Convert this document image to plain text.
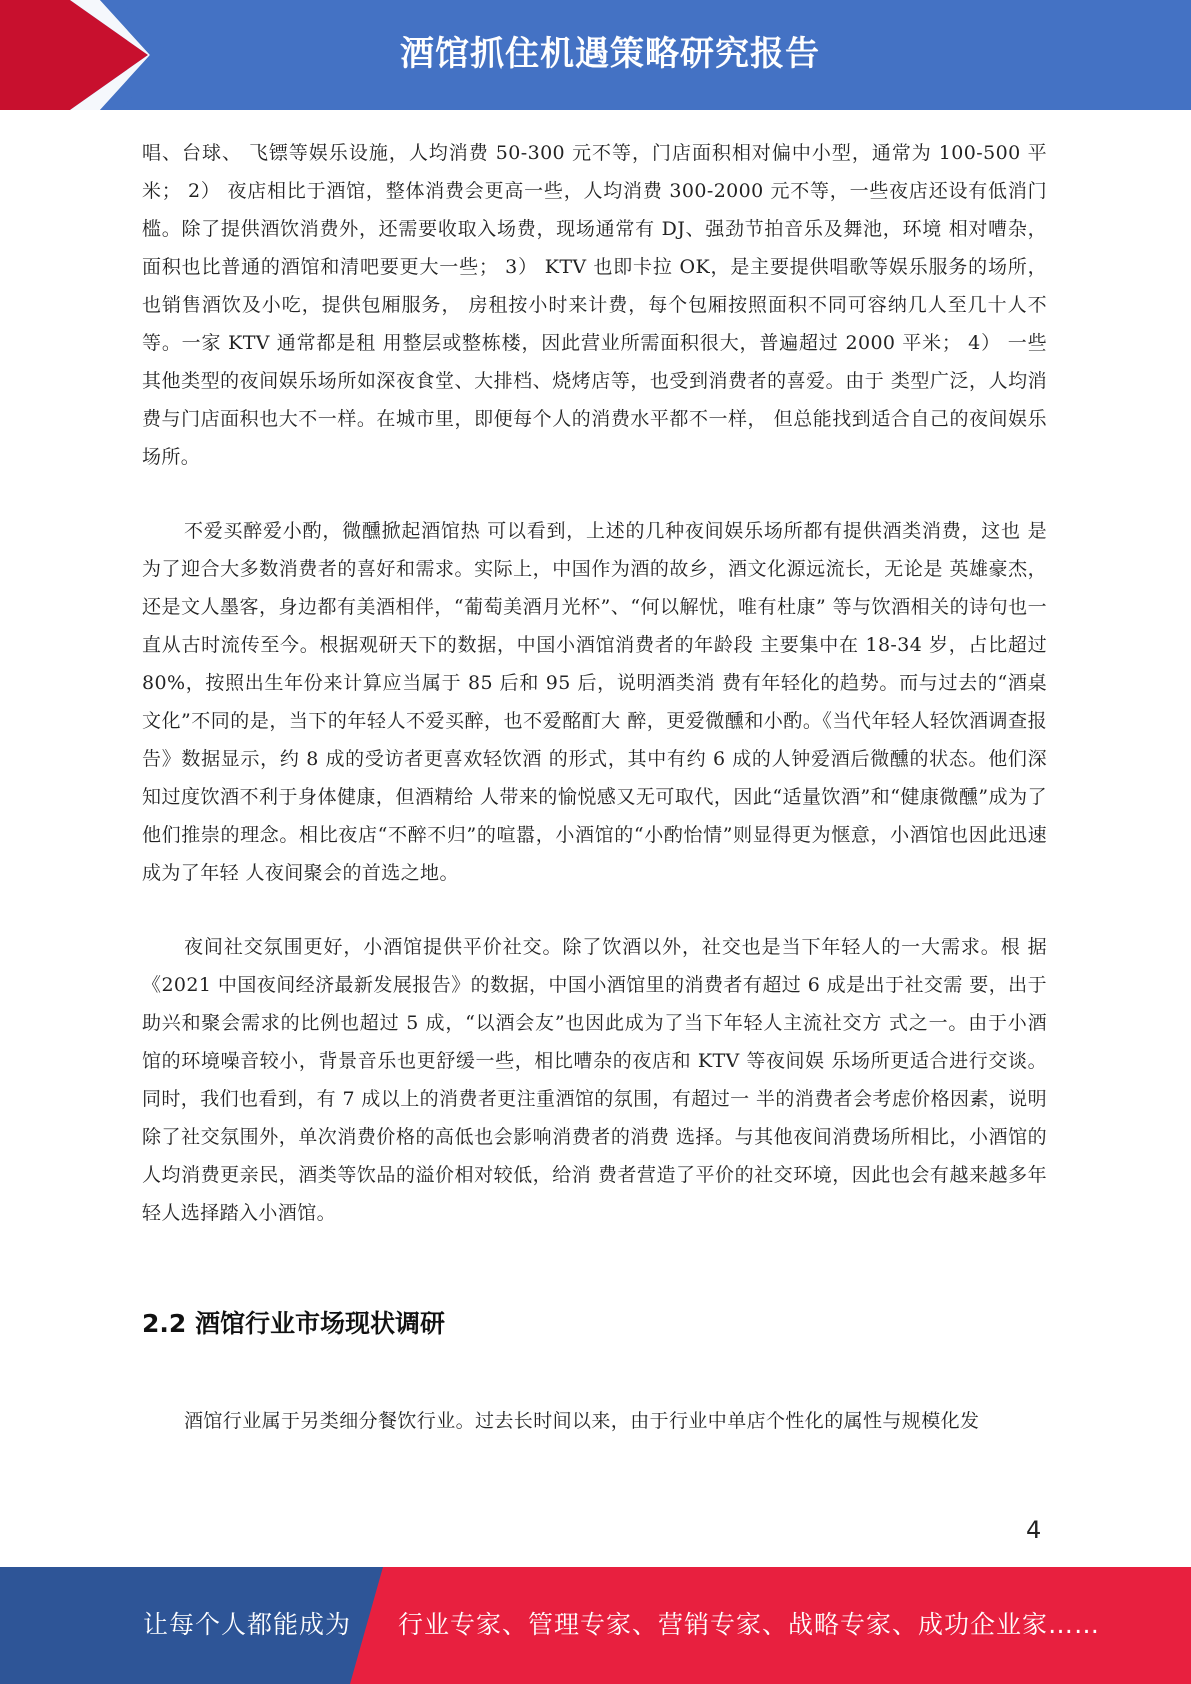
酒馆抓住机遇策略研究报告

唱、台球、 飞镖等娱乐设施，人均消费 50-300 元不等，门店面积相对偏中小型，通常为 100-500 平米； 2） 夜店相比于酒馆，整体消费会更高一些，人均消费 300-2000 元不等，一些夜店还设有低消门 槛。除了提供酒饮消费外，还需要收取入场费，现场通常有 DJ、强劲节拍音乐及舞池，环境 相对嘈杂，面积也比普通的酒馆和清吧要更大一些； 3） KTV 也即卡拉 OK，是主要提供唱歌等娱乐服务的场所，也销售酒饮及小吃，提供包厢服务， 房租按小时来计费，每个包厢按照面积不同可容纳几人至几十人不等。一家 KTV 通常都是租 用整层或整栋楼，因此营业所需面积很大，普遍超过 2000 平米； 4） 一些其他类型的夜间娱乐场所如深夜食堂、大排档、烧烤店等，也受到消费者的喜爱。由于 类型广泛，人均消费与门店面积也大不一样。在城市里，即便每个人的消费水平都不一样， 但总能找到适合自己的夜间娱乐场所。

不爱买醉爱小酌，微醺掀起酒馆热 可以看到，上述的几种夜间娱乐场所都有提供酒类消费，这也 是为了迎合大多数消费者的喜好和需求。实际上，中国作为酒的故乡，酒文化源远流长，无论是 英雄豪杰，还是文人墨客，身边都有美酒相伴，“葡萄美酒月光杯”、“何以解忧，唯有杜康” 等与饮酒相关的诗句也一直从古时流传至今。根据观研天下的数据，中国小酒馆消费者的年龄段 主要集中在 18-34 岁，占比超过 80%，按照出生年份来计算应当属于 85 后和 95 后，说明酒类消 费有年轻化的趋势。而与过去的“酒桌文化”不同的是，当下的年轻人不爱买醉，也不爱酩酊大 醉，更爱微醺和小酌。《当代年轻人轻饮酒调查报告》数据显示，约 8 成的受访者更喜欢轻饮酒 的形式，其中有约 6 成的人钟爱酒后微醺的状态。他们深知过度饮酒不利于身体健康，但酒精给 人带来的愉悦感又无可取代，因此“适量饮酒”和“健康微醺”成为了他们推崇的理念。相比夜店“不醉不归”的喧嚣，小酒馆的“小酌怡情”则显得更为惬意，小酒馆也因此迅速成为了年轻 人夜间聚会的首选之地。

夜间社交氛围更好，小酒馆提供平价社交。除了饮酒以外，社交也是当下年轻人的一大需求。根 据《2021 中国夜间经济最新发展报告》的数据，中国小酒馆里的消费者有超过 6 成是出于社交需 要，出于助兴和聚会需求的比例也超过 5 成，“以酒会友”也因此成为了当下年轻人主流社交方 式之一。由于小酒馆的环境噪音较小，背景音乐也更舒缓一些，相比嘈杂的夜店和 KTV 等夜间娱 乐场所更适合进行交谈。同时，我们也看到，有 7 成以上的消费者更注重酒馆的氛围，有超过一 半的消费者会考虑价格因素，说明除了社交氛围外，单次消费价格的高低也会影响消费者的消费 选择。与其他夜间消费场所相比，小酒馆的人均消费更亲民，酒类等饮品的溢价相对较低，给消 费者营造了平价的社交环境，因此也会有越来越多年轻人选择踏入小酒馆。

2.2 酒馆行业市场现状调研

酒馆行业属于另类细分餐饮行业。过去长时间以来，由于行业中单店个性化的属性与规模化发

4
让每个人都能成为 行业专家、管理专家、营销专家、战略专家、成功企业家……
